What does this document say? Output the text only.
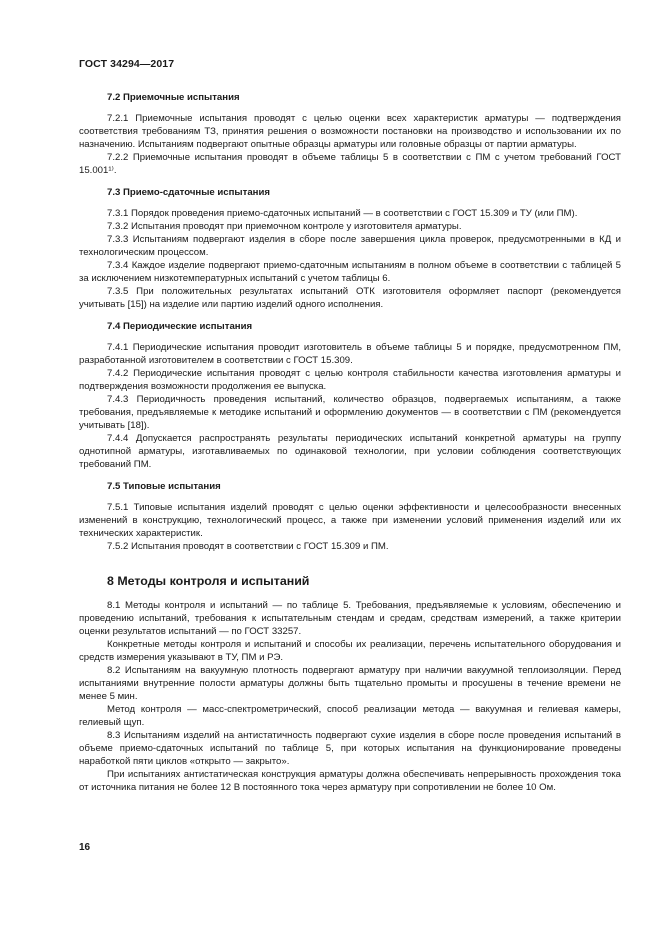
ГОСТ 34294—2017

7.2 Приемочные испытания

7.2.1 Приемочные испытания проводят с целью оценки всех характеристик арматуры — подтверждения соответствия требованиям ТЗ, принятия решения о возможности постановки на производство и использовании их по назначению. Испытаниям подвергают опытные образцы арматуры или головные образцы от партии арматуры.

7.2.2 Приемочные испытания проводят в объеме таблицы 5 в соответствии с ПМ с учетом требований ГОСТ 15.001¹⁾.

7.3 Приемо-сдаточные испытания

7.3.1 Порядок проведения приемо-сдаточных испытаний — в соответствии с ГОСТ 15.309 и ТУ (или ПМ).

7.3.2 Испытания проводят при приемочном контроле у изготовителя арматуры.

7.3.3 Испытаниям подвергают изделия в сборе после завершения цикла проверок, предусмотренными в КД и технологическим процессом.

7.3.4 Каждое изделие подвергают приемо-сдаточным испытаниям в полном объеме в соответствии с таблицей 5 за исключением низкотемпературных испытаний с учетом таблицы 6.

7.3.5 При положительных результатах испытаний ОТК изготовителя оформляет паспорт (рекомендуется учитывать [15]) на изделие или партию изделий одного исполнения.

7.4 Периодические испытания

7.4.1 Периодические испытания проводит изготовитель в объеме таблицы 5 и порядке, предусмотренном ПМ, разработанной изготовителем в соответствии с ГОСТ 15.309.

7.4.2 Периодические испытания проводят с целью контроля стабильности качества изготовления арматуры и подтверждения возможности продолжения ее выпуска.

7.4.3 Периодичность проведения испытаний, количество образцов, подвергаемых испытаниям, а также требования, предъявляемые к методике испытаний и оформлению документов — в соответствии с ПМ (рекомендуется учитывать [18]).

7.4.4 Допускается распространять результаты периодических испытаний конкретной арматуры на группу однотипной арматуры, изготавливаемых по одинаковой технологии, при условии соблюдения соответствующих требований ПМ.

7.5 Типовые испытания

7.5.1 Типовые испытания изделий проводят с целью оценки эффективности и целесообразности внесенных изменений в конструкцию, технологический процесс, а также при изменении условий применения изделий или их технических характеристик.

7.5.2 Испытания проводят в соответствии с ГОСТ 15.309 и ПМ.

8 Методы контроля и испытаний

8.1 Методы контроля и испытаний — по таблице 5. Требования, предъявляемые к условиям, обеспечению и проведению испытаний, требования к испытательным стендам и средам, средствам измерений, а также критерии оценки результатов испытаний — по ГОСТ 33257.

Конкретные методы контроля и испытаний и способы их реализации, перечень испытательного оборудования и средств измерения указывают в ТУ, ПМ и РЭ.

8.2 Испытаниям на вакуумную плотность подвергают арматуру при наличии вакуумной теплоизоляции. Перед испытаниями внутренние полости арматуры должны быть тщательно промыты и просушены в течение времени не менее 5 мин.

Метод контроля — масс-спектрометрический, способ реализации метода — вакуумная и гелиевая камеры, гелиевый щуп.

8.3 Испытаниям изделий на антистатичность подвергают сухие изделия в сборе после проведения испытаний в объеме приемо-сдаточных испытаний по таблице 5, при которых испытания на функционирование проведены наработкой пяти циклов «открыто — закрыто».

При испытаниях антистатическая конструкция арматуры должна обеспечивать непрерывность прохождения тока от источника питания не более 12 В постоянного тока через арматуру при сопротивлении не более 10 Ом.

16
